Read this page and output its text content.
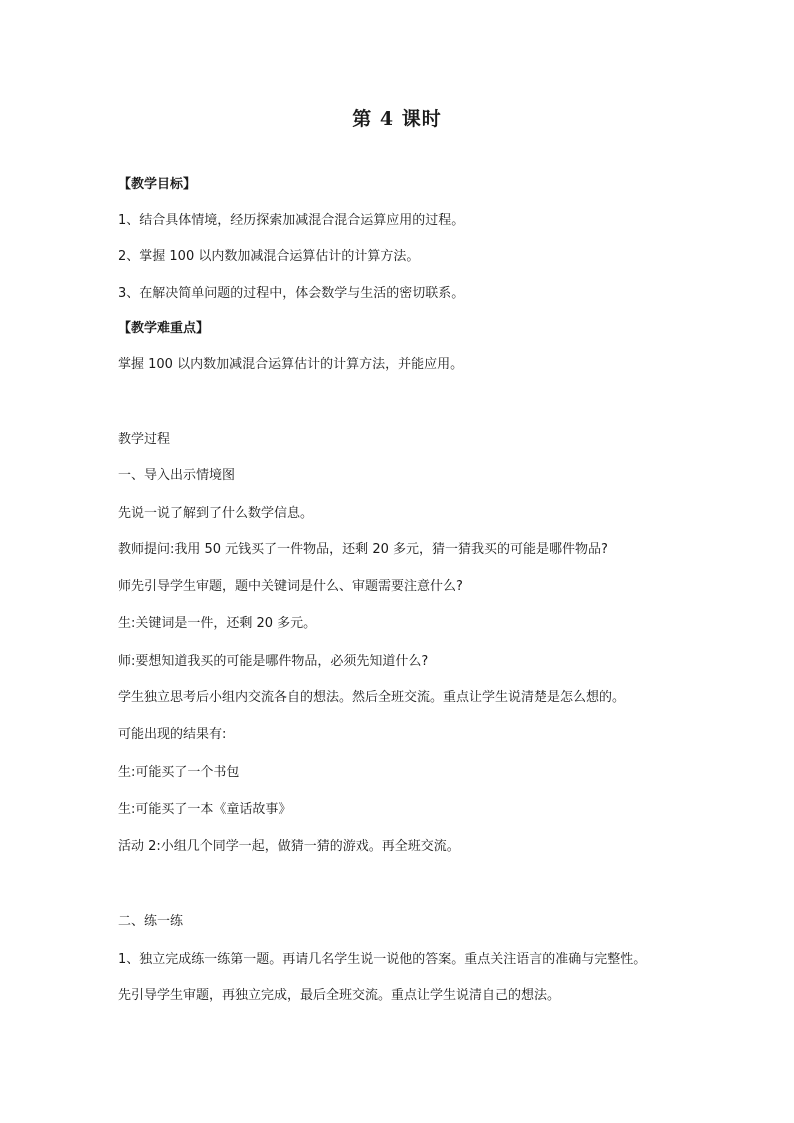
第 4 课时
【教学目标】
1、结合具体情境，经历探索加减混合混合运算应用的过程。
2、掌握 100 以内数加减混合运算估计的计算方法。
3、在解决简单问题的过程中，体会数学与生活的密切联系。
【教学难重点】
掌握 100 以内数加减混合运算估计的计算方法，并能应用。
教学过程
一、导入出示情境图
先说一说了解到了什么数学信息。
教师提问:我用 50 元钱买了一件物品，还剩 20 多元，猜一猜我买的可能是哪件物品?
师先引导学生审题，题中关键词是什么、审题需要注意什么?
生:关键词是一件，还剩 20 多元。
师:要想知道我买的可能是哪件物品，必须先知道什么?
学生独立思考后小组内交流各自的想法。然后全班交流。重点让学生说清楚是怎么想的。
可能出现的结果有:
生:可能买了一个书包
生:可能买了一本《童话故事》
活动 2:小组几个同学一起，做猜一猜的游戏。再全班交流。
二、练一练
1、独立完成练一练第一题。再请几名学生说一说他的答案。重点关注语言的准确与完整性。
先引导学生审题，再独立完成，最后全班交流。重点让学生说清自己的想法。
